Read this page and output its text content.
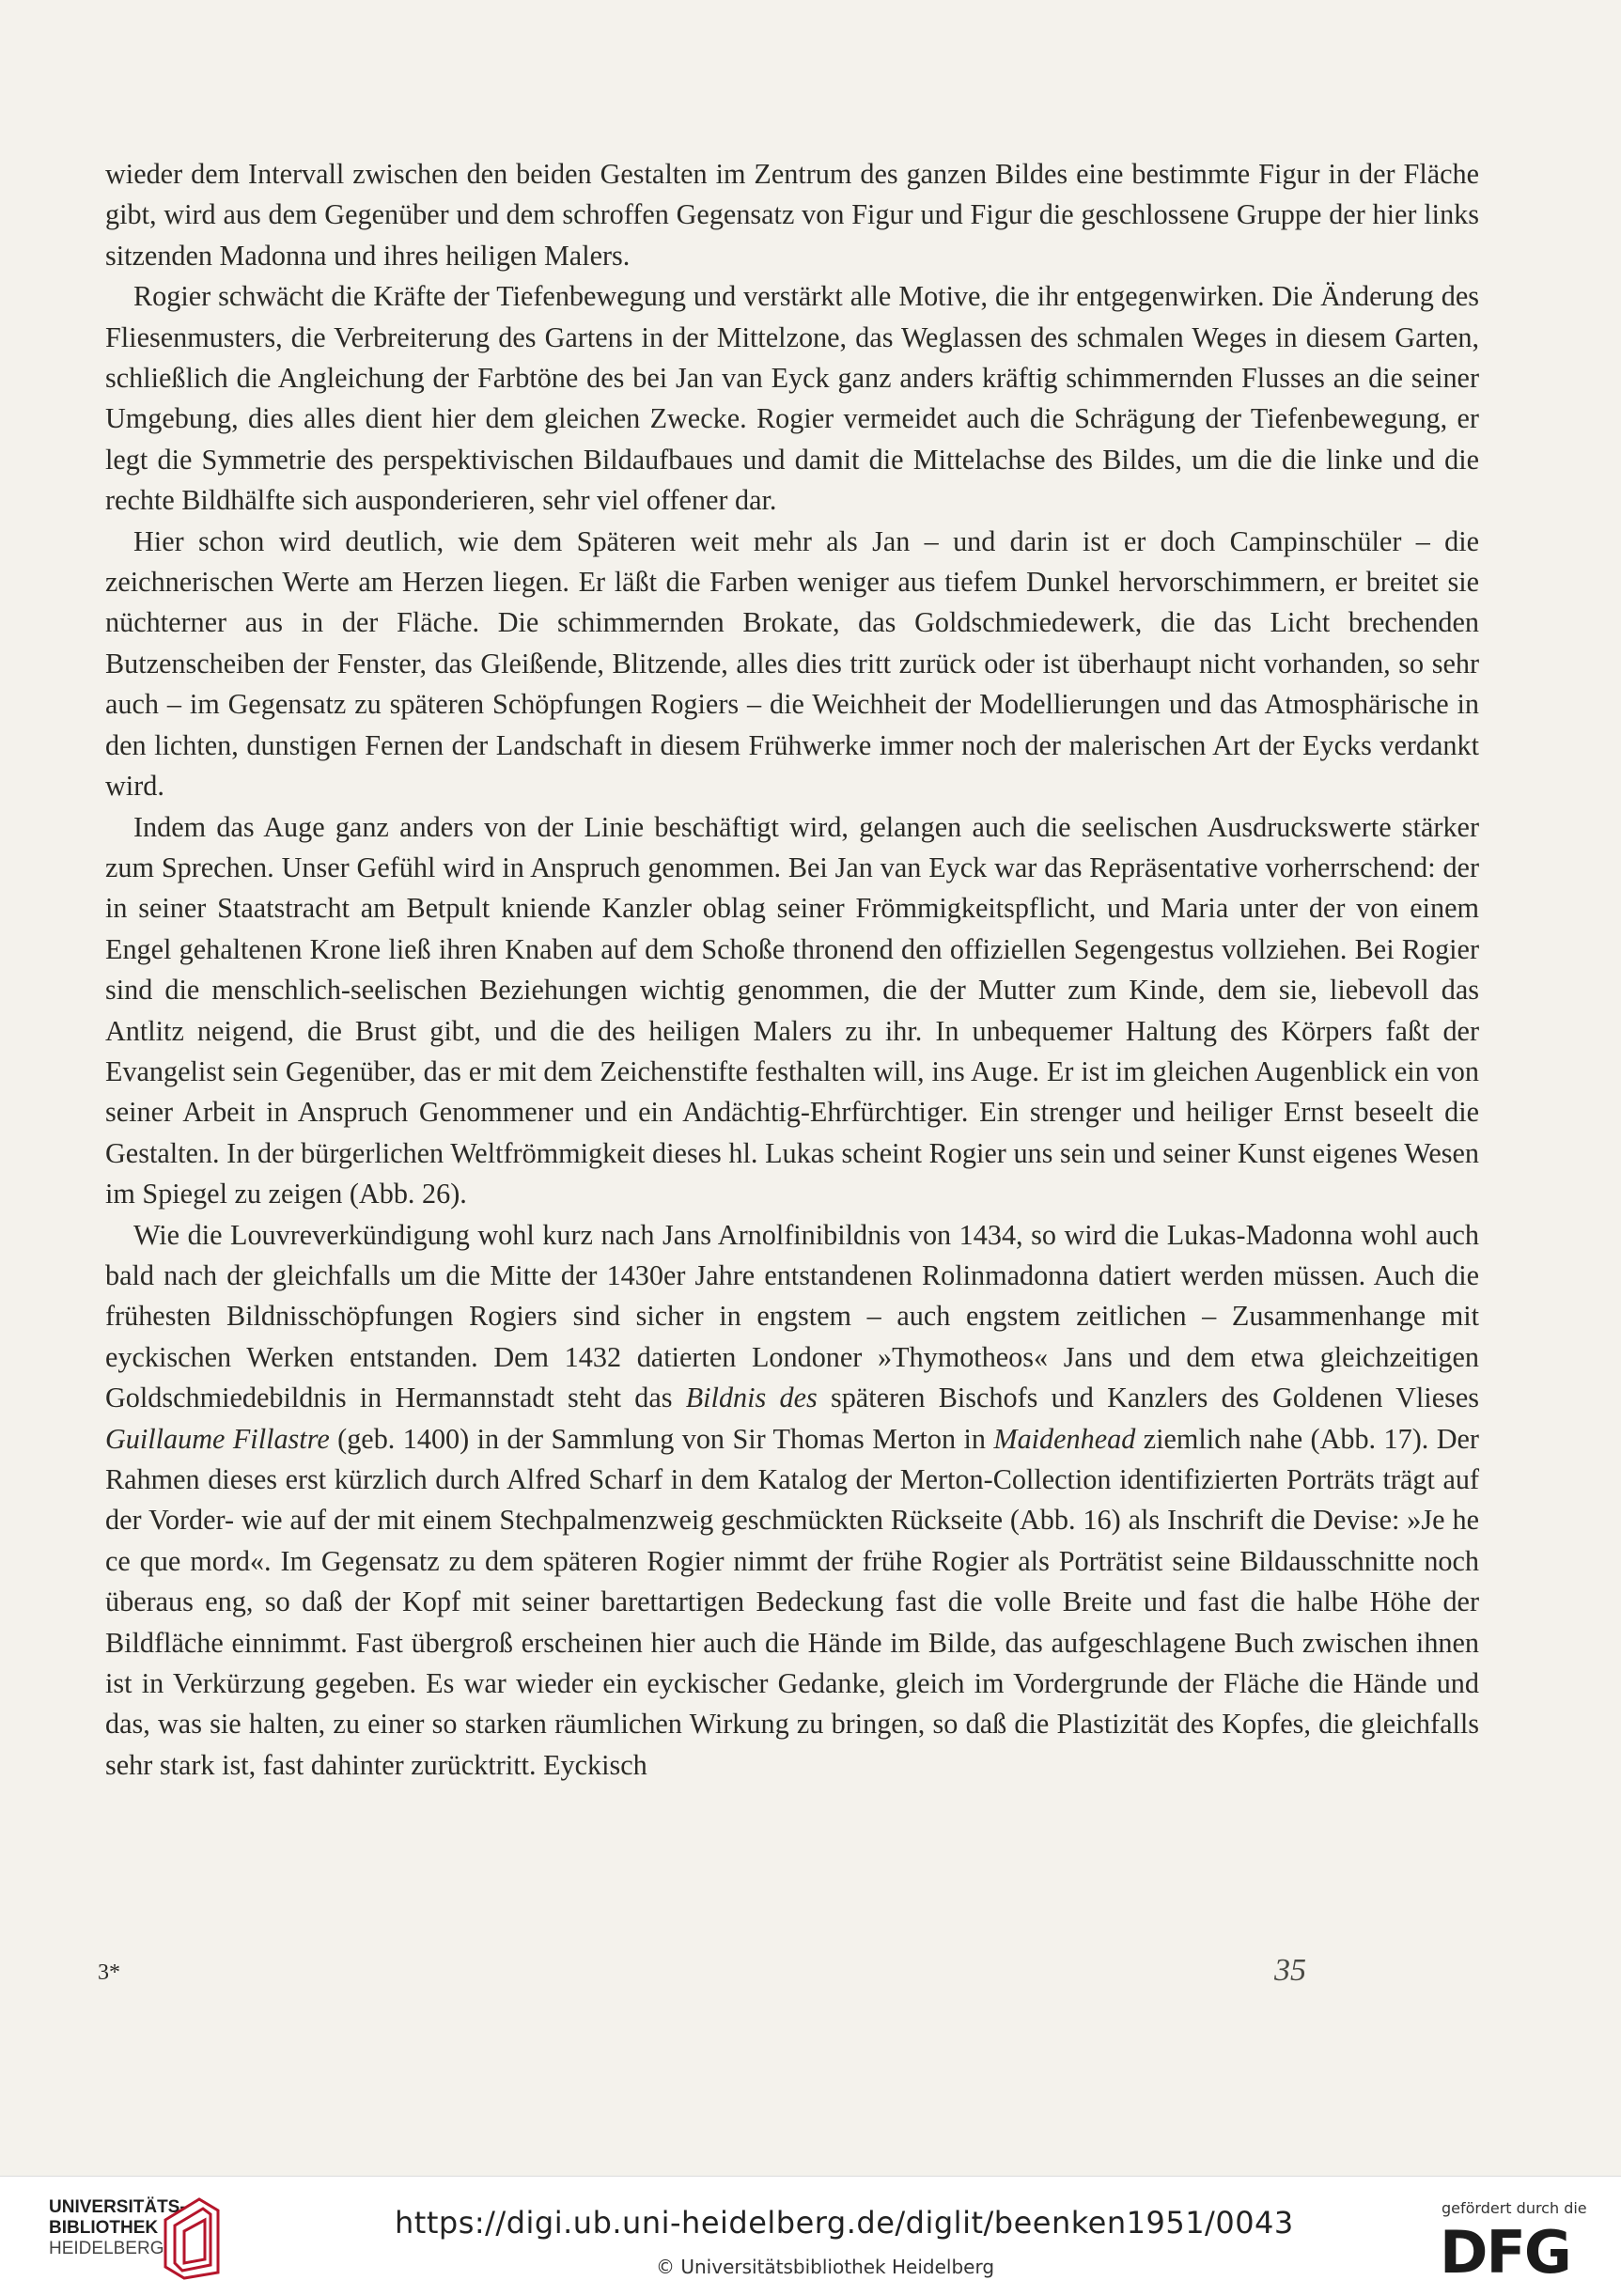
wieder dem Intervall zwischen den beiden Gestalten im Zentrum des ganzen Bildes eine bestimmte Figur in der Fläche gibt, wird aus dem Gegenüber und dem schroffen Gegensatz von Figur und Figur die geschlossene Gruppe der hier links sitzenden Madonna und ihres heiligen Malers.

Rogier schwächt die Kräfte der Tiefenbewegung und verstärkt alle Motive, die ihr entgegenwirken. Die Änderung des Fliesenmusters, die Verbreiterung des Gartens in der Mittelzone, das Weglassen des schmalen Weges in diesem Garten, schließlich die Angleichung der Farbtöne des bei Jan van Eyck ganz anders kräftig schimmernden Flusses an die seiner Umgebung, dies alles dient hier dem gleichen Zwecke. Rogier vermeidet auch die Schrägung der Tiefenbewegung, er legt die Symmetrie des perspektivischen Bildaufbaues und damit die Mittelachse des Bildes, um die die linke und die rechte Bildhälfte sich ausponderieren, sehr viel offener dar.

Hier schon wird deutlich, wie dem Späteren weit mehr als Jan – und darin ist er doch Campinschüler – die zeichnerischen Werte am Herzen liegen. Er läßt die Farben weniger aus tiefem Dunkel hervorschimmern, er breitet sie nüchterner aus in der Fläche. Die schimmernden Brokate, das Goldschmiedewerk, die das Licht brechenden Butzenscheiben der Fenster, das Gleißende, Blitzende, alles dies tritt zurück oder ist überhaupt nicht vorhanden, so sehr auch – im Gegensatz zu späteren Schöpfungen Rogiers – die Weichheit der Modellierungen und das Atmosphärische in den lichten, dunstigen Fernen der Landschaft in diesem Frühwerke immer noch der malerischen Art der Eycks verdankt wird.

Indem das Auge ganz anders von der Linie beschäftigt wird, gelangen auch die seelischen Ausdruckswerte stärker zum Sprechen. Unser Gefühl wird in Anspruch genommen. Bei Jan van Eyck war das Repräsentative vorherrschend: der in seiner Staatstracht am Betpult kniende Kanzler oblag seiner Frömmigkeitspflicht, und Maria unter der von einem Engel gehaltenen Krone ließ ihren Knaben auf dem Schoße thronend den offiziellen Segengestus vollziehen. Bei Rogier sind die menschlich-seelischen Beziehungen wichtig genommen, die der Mutter zum Kinde, dem sie, liebevoll das Antlitz neigend, die Brust gibt, und die des heiligen Malers zu ihr. In unbequemer Haltung des Körpers faßt der Evangelist sein Gegenüber, das er mit dem Zeichenstifte festhalten will, ins Auge. Er ist im gleichen Augenblick ein von seiner Arbeit in Anspruch Genommener und ein Andächtig-Ehrfürchtiger. Ein strenger und heiliger Ernst beseelt die Gestalten. In der bürgerlichen Weltfrömmigkeit dieses hl. Lukas scheint Rogier uns sein und seiner Kunst eigenes Wesen im Spiegel zu zeigen (Abb. 26).

Wie die Louvreverkündigung wohl kurz nach Jans Arnolfinibildnis von 1434, so wird die Lukas-Madonna wohl auch bald nach der gleichfalls um die Mitte der 1430er Jahre entstandenen Rolinmadonna datiert werden müssen. Auch die frühesten Bildnisschöpfungen Rogiers sind sicher in engstem – auch engstem zeitlichen – Zusammenhange mit eyckischen Werken entstanden. Dem 1432 datierten Londoner »Thymotheos« Jans und dem etwa gleichzeitigen Goldschmiedebildnis in Hermannstadt steht das Bildnis des späteren Bischofs und Kanzlers des Goldenen Vlieses Guillaume Fillastre (geb. 1400) in der Sammlung von Sir Thomas Merton in Maidenhead ziemlich nahe (Abb. 17). Der Rahmen dieses erst kürzlich durch Alfred Scharf in dem Katalog der Merton-Collection identifizierten Porträts trägt auf der Vorder- wie auf der mit einem Stechpalmenzweig geschmückten Rückseite (Abb. 16) als Inschrift die Devise: »Je he ce que mord«. Im Gegensatz zu dem späteren Rogier nimmt der frühe Rogier als Porträtist seine Bildausschnitte noch überaus eng, so daß der Kopf mit seiner barettartigen Bedeckung fast die volle Breite und fast die halbe Höhe der Bildfläche einnimmt. Fast übergroß erscheinen hier auch die Hände im Bilde, das aufgeschlagene Buch zwischen ihnen ist in Verkürzung gegeben. Es war wieder ein eyckischer Gedanke, gleich im Vordergrunde der Fläche die Hände und das, was sie halten, zu einer so starken räumlichen Wirkung zu bringen, so daß die Plastizität des Kopfes, die gleichfalls sehr stark ist, fast dahinter zurücktritt. Eyckisch

3*	35
UNIVERSITÄTS-
BIBLIOTHEK
HEIDELBERG
https://digi.ub.uni-heidelberg.de/diglit/beenken1951/0043
© Universitätsbibliothek Heidelberg
gefördert durch die
DFG
